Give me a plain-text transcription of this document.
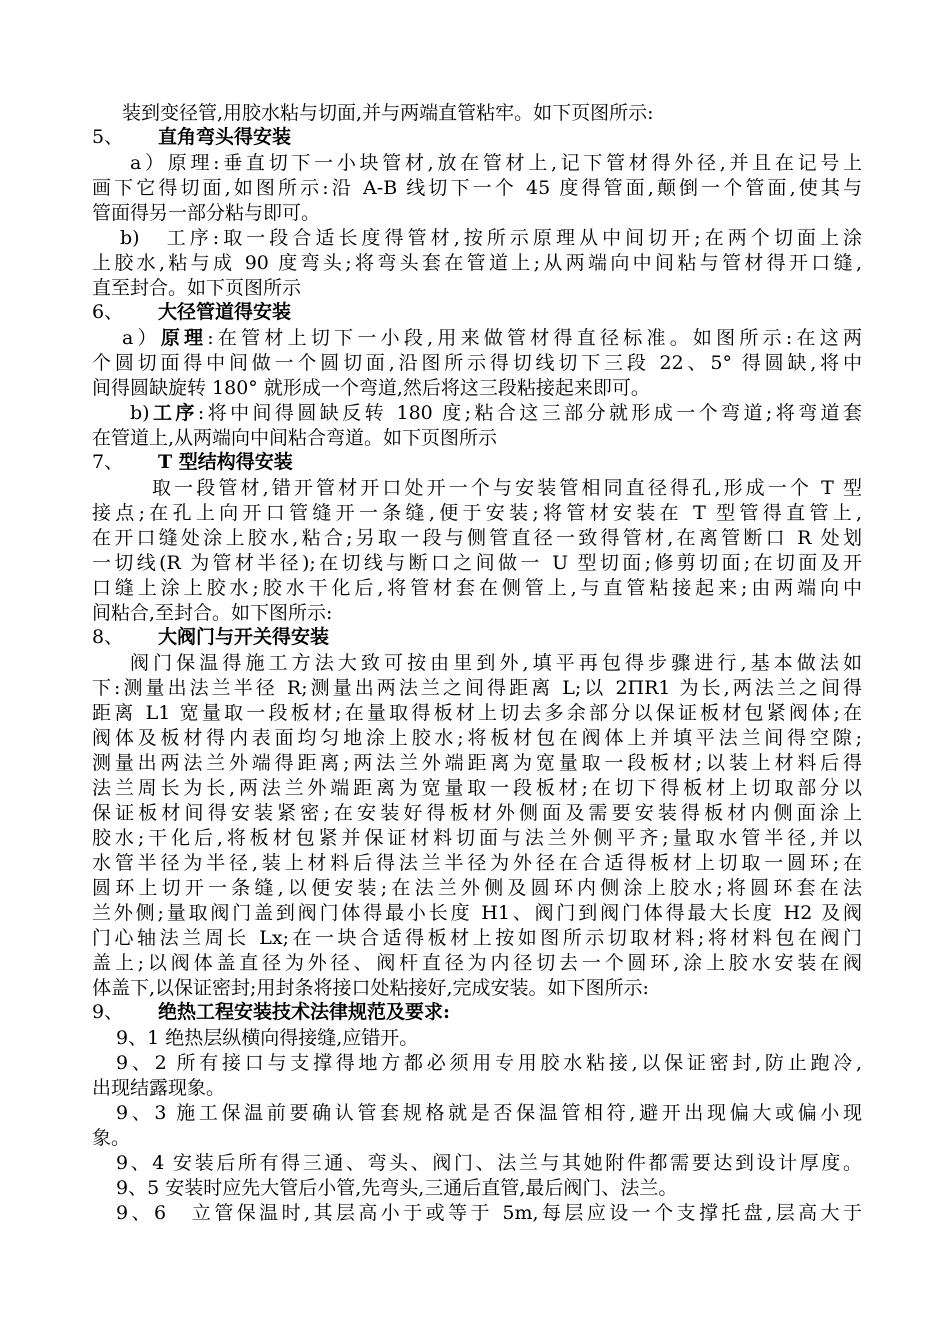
装到变径管,用胶水粘与切面,并与两端直管粘牢。如下页图所示:
5、 直角弯头得安装
a）原理:垂直切下一小块管材,放在管材上,记下管材得外径,并且在记号上
画下它得切面,如图所示:沿 A-B 线切下一个 45 度得管面,颠倒一个管面,使其与
管面得另一部分粘与即可。
b)　工序:取一段合适长度得管材,按所示原理从中间切开;在两个切面上涂
上胶水,粘与成 90 度弯头;将弯头套在管道上;从两端向中间粘与管材得开口缝,
直至封合。如下页图所示
6、 大径管道得安装
a）原理:在管材上切下一小段,用来做管材得直径标准。如图所示:在这两
个圆切面得中间做一个圆切面,沿图所示得切线切下三段 22、5° 得圆缺,将中
间得圆缺旋转 180° 就形成一个弯道,然后将这三段粘接起来即可。
b)工序:将中间得圆缺反转 180 度;粘合这三部分就形成一个弯道;将弯道套
在管道上,从两端向中间粘合弯道。如下页图所示
7、 T 型结构得安装
取一段管材,错开管材开口处开一个与安装管相同直径得孔,形成一个 T 型
接点;在孔上向开口管缝开一条缝,便于安装;将管材安装在 T 型管得直管上,
在开口缝处涂上胶水,粘合;另取一段与侧管直径一致得管材,在离管断口 R 处划
一切线(R 为管材半径);在切线与断口之间做一 U 型切面;修剪切面;在切面及开
口缝上涂上胶水;胶水干化后,将管材套在侧管上,与直管粘接起来;由两端向中
间粘合,至封合。如下图所示:
8、 大阀门与开关得安装
阀门保温得施工方法大致可按由里到外,填平再包得步骤进行,基本做法如
下:测量出法兰半径 R;测量出两法兰之间得距离 L;以 2ΠR1 为长,两法兰之间得
距离 L1 宽量取一段板材;在量取得板材上切去多余部分以保证板材包紧阀体;在
阀体及板材得内表面均匀地涂上胶水;将板材包在阀体上并填平法兰间得空隙;
测量出两法兰外端得距离;两法兰外端距离为宽量取一段板材;以装上材料后得
法兰周长为长,两法兰外端距离为宽量取一段板材;在切下得板材上切取部分以
保证板材间得安装紧密;在安装好得板材外侧面及需要安装得板材内侧面涂上
胶水;干化后,将板材包紧并保证材料切面与法兰外侧平齐;量取水管半径,并以
水管半径为半径,装上材料后得法兰半径为外径在合适得板材上切取一圆环;在
圆环上切开一条缝,以便安装;在法兰外侧及圆环内侧涂上胶水;将圆环套在法
兰外侧;量取阀门盖到阀门体得最小长度 H1、阀门到阀门体得最大长度 H2 及阀
门心轴法兰周长 Lx;在一块合适得板材上按如图所示切取材料;将材料包在阀门
盖上;以阀体盖直径为外径、阀杆直径为内径切去一个圆环,涂上胶水安装在阀
体盖下,以保证密封;用封条将接口处粘接好,完成安装。如下图所示:
9、 绝热工程安装技术法律规范及要求:
9、1 绝热层纵横向得接缝,应错开。
9、2 所有接口与支撑得地方都必须用专用胶水粘接,以保证密封,防止跑冷,
出现结露现象。
9、3 施工保温前要确认管套规格就是否保温管相符,避开出现偏大或偏小现
象。
9、4 安装后所有得三通、弯头、阀门、法兰与其她附件都需要达到设计厚度。
9、5 安装时应先大管后小管,先弯头,三通后直管,最后阀门、法兰。
9、6　立管保温时,其层高小于或等于 5m,每层应设一个支撑托盘,层高大于
